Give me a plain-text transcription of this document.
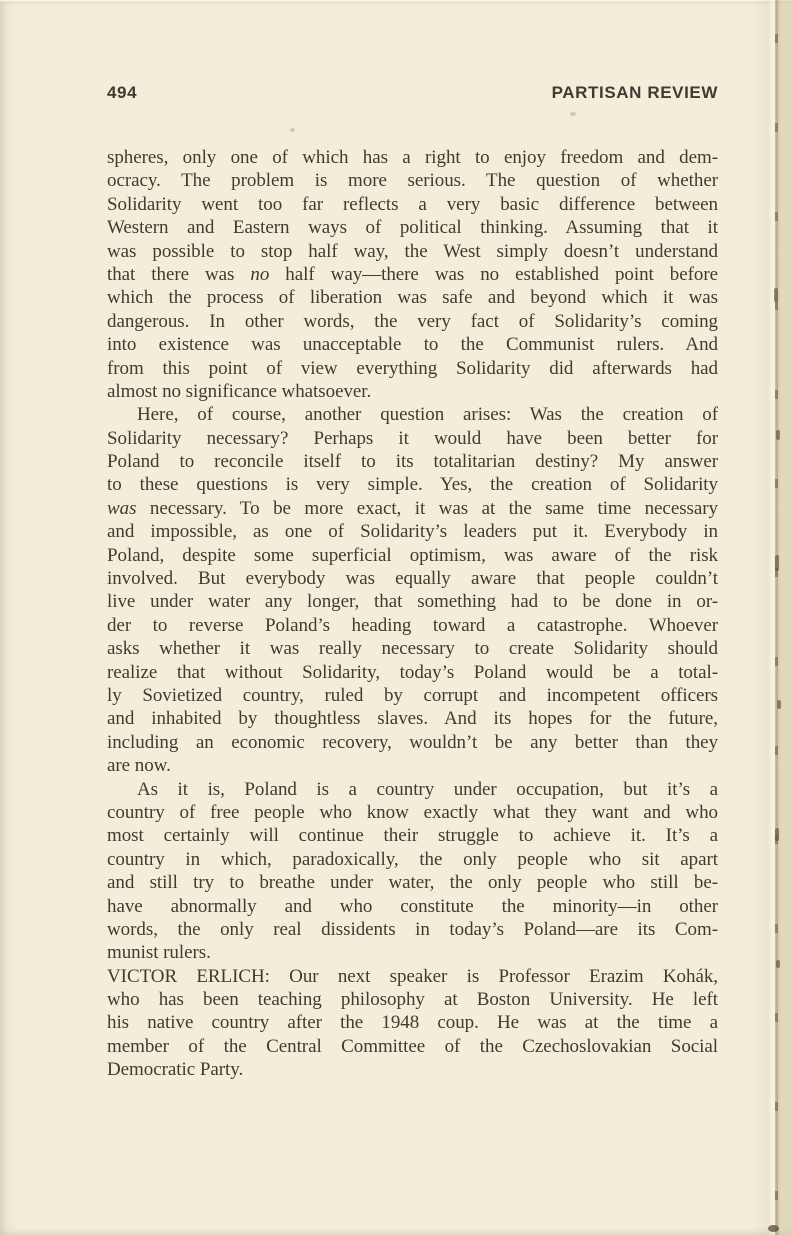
494	PARTISAN REVIEW
spheres, only one of which has a right to enjoy freedom and dem-
ocracy. The problem is more serious. The question of whether
Solidarity went too far reflects a very basic difference between
Western and Eastern ways of political thinking. Assuming that it
was possible to stop half way, the West simply doesn’t understand
that there was no half way—there was no established point before
which the process of liberation was safe and beyond which it was
dangerous. In other words, the very fact of Solidarity’s coming
into existence was unacceptable to the Communist rulers. And
from this point of view everything Solidarity did afterwards had
almost no significance whatsoever.
Here, of course, another question arises: Was the creation of
Solidarity necessary? Perhaps it would have been better for
Poland to reconcile itself to its totalitarian destiny? My answer
to these questions is very simple. Yes, the creation of Solidarity
was necessary. To be more exact, it was at the same time necessary
and impossible, as one of Solidarity’s leaders put it. Everybody in
Poland, despite some superficial optimism, was aware of the risk
involved. But everybody was equally aware that people couldn’t
live under water any longer, that something had to be done in or-
der to reverse Poland’s heading toward a catastrophe. Whoever
asks whether it was really necessary to create Solidarity should
realize that without Solidarity, today’s Poland would be a total-
ly Sovietized country, ruled by corrupt and incompetent officers
and inhabited by thoughtless slaves. And its hopes for the future,
including an economic recovery, wouldn’t be any better than they
are now.
As it is, Poland is a country under occupation, but it’s a
country of free people who know exactly what they want and who
most certainly will continue their struggle to achieve it. It’s a
country in which, paradoxically, the only people who sit apart
and still try to breathe under water, the only people who still be-
have abnormally and who constitute the minority—in other
words, the only real dissidents in today’s Poland—are its Com-
munist rulers.
VICTOR ERLICH: Our next speaker is Professor Erazim Kohák,
who has been teaching philosophy at Boston University. He left
his native country after the 1948 coup. He was at the time a
member of the Central Committee of the Czechoslovakian Social
Democratic Party.
